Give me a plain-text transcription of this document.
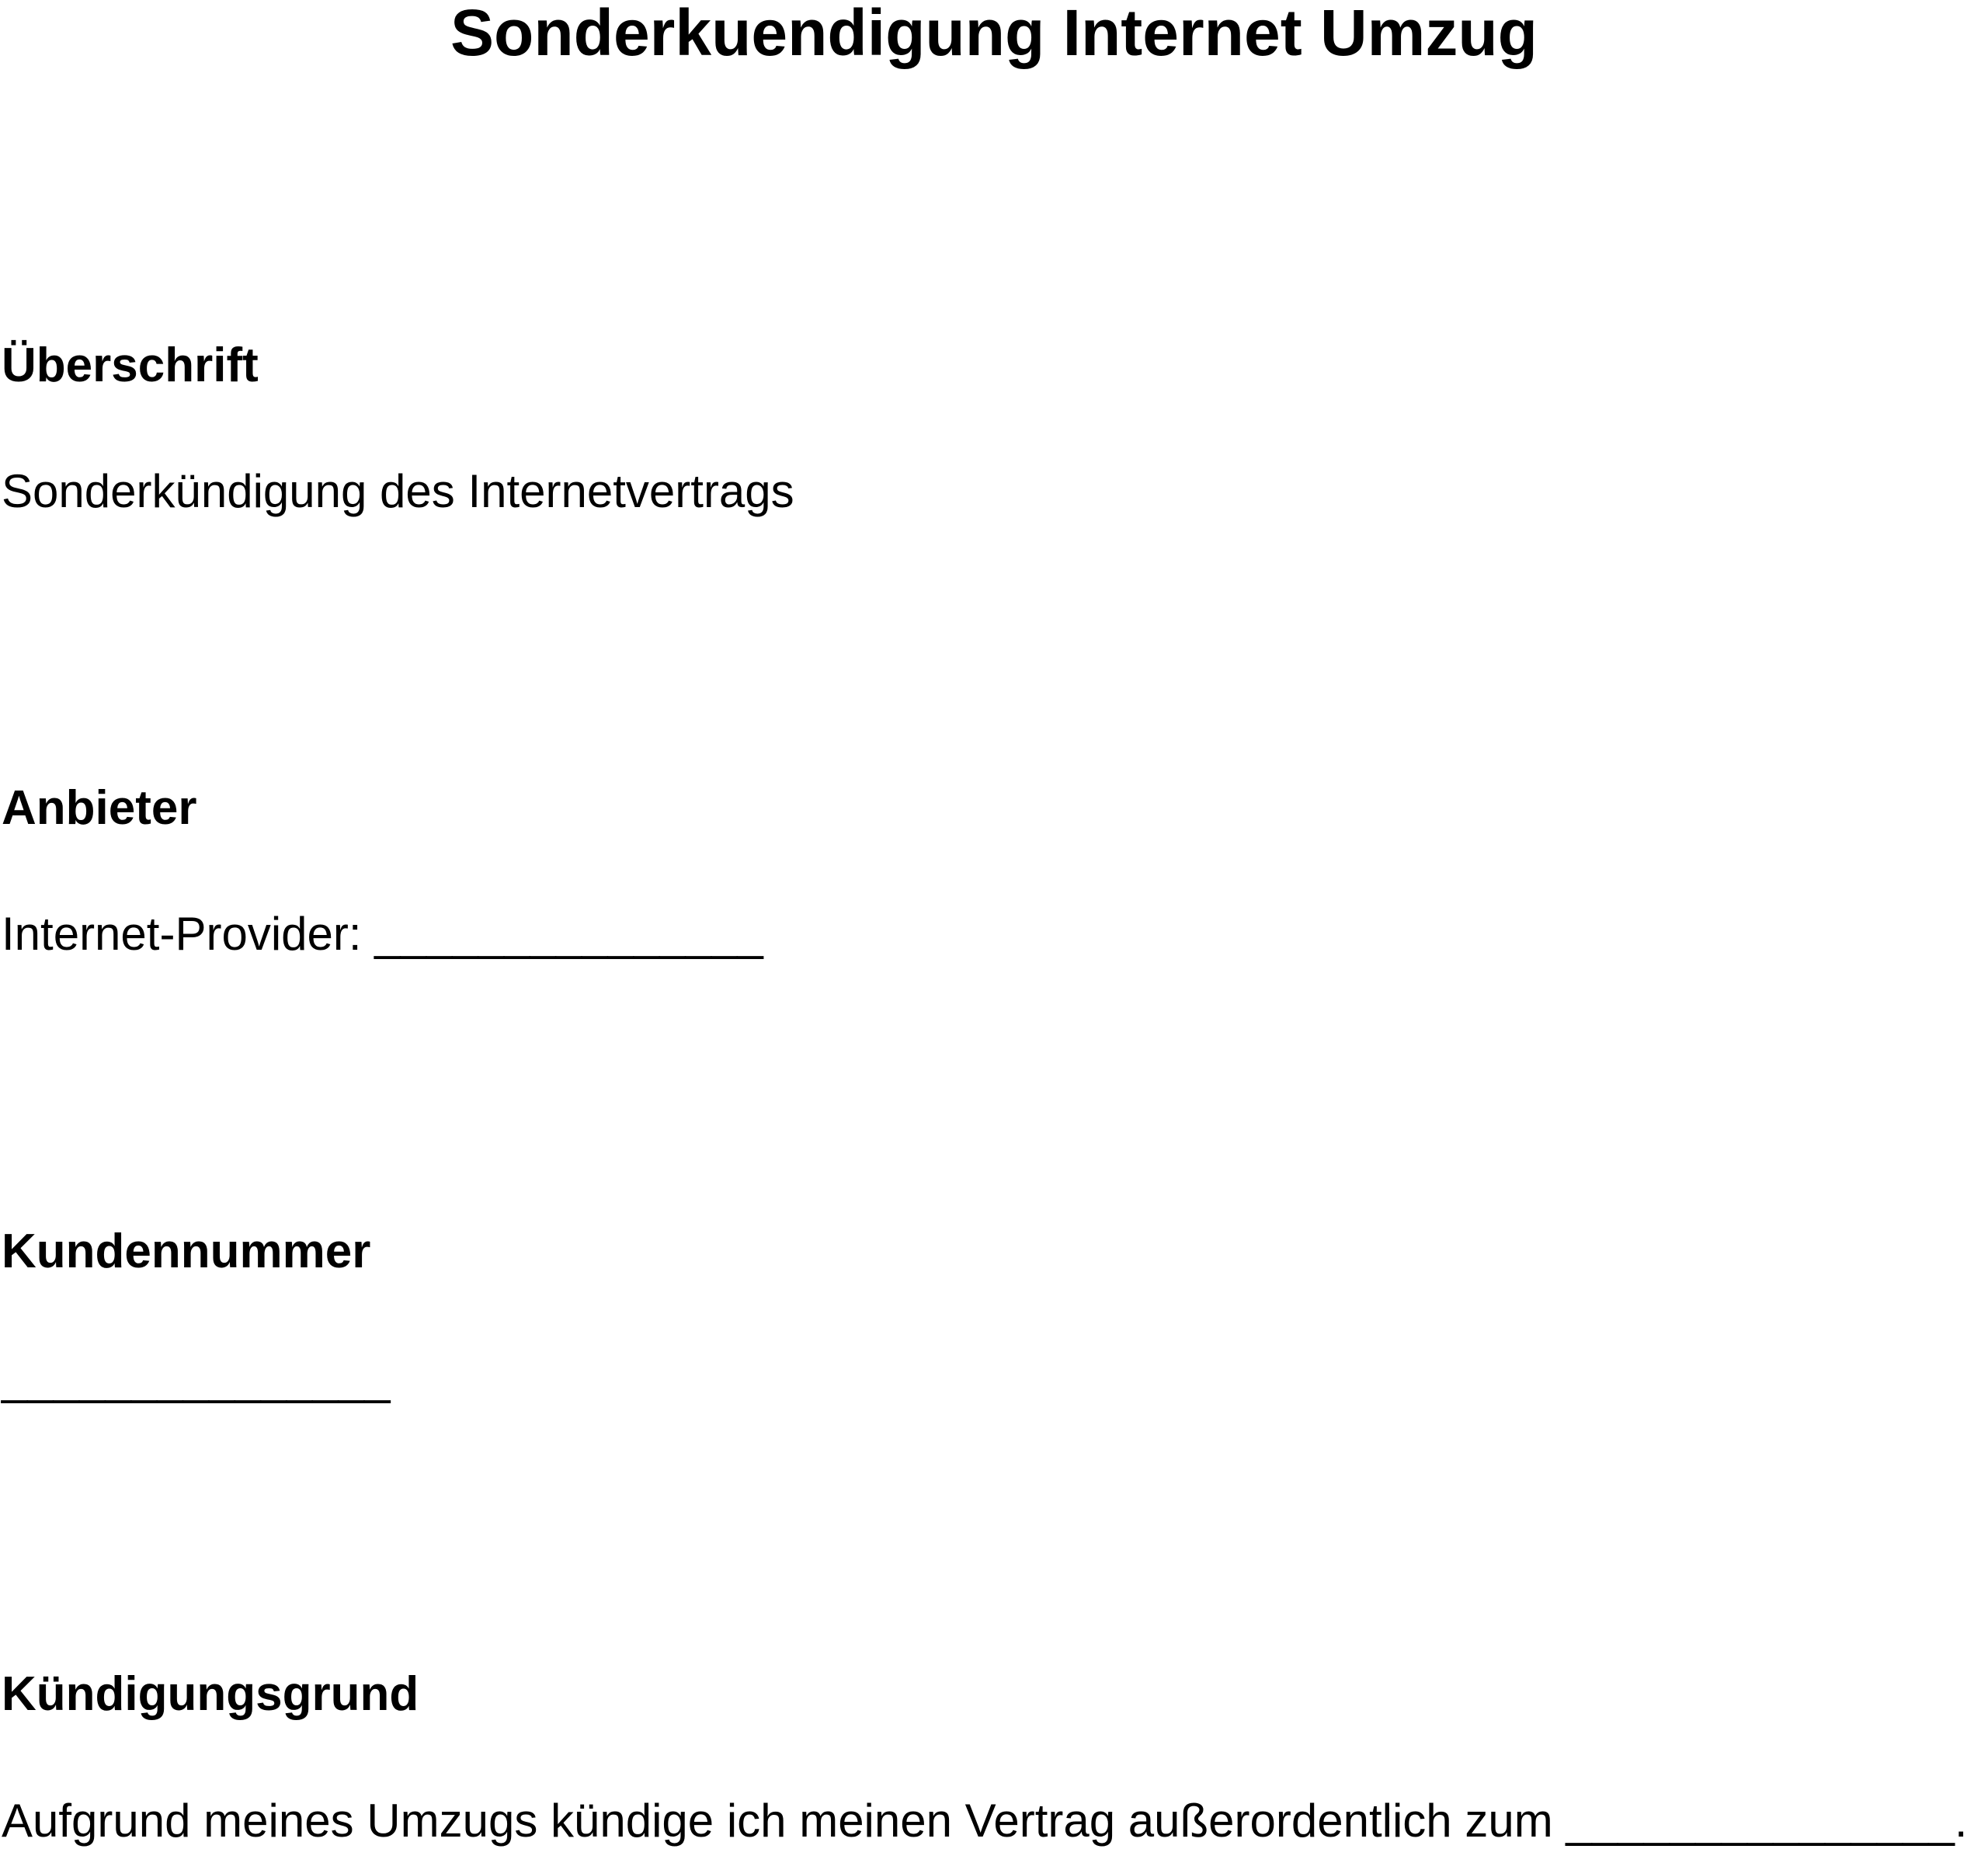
Sonderkuendigung Internet Umzug
Überschrift
Sonderkündigung des Internetvertrags
Anbieter
Internet-Provider: _______________
Kundennummer
_______________
Kündigungsgrund
Aufgrund meines Umzugs kündige ich meinen Vertrag außerordentlich zum _______________.
